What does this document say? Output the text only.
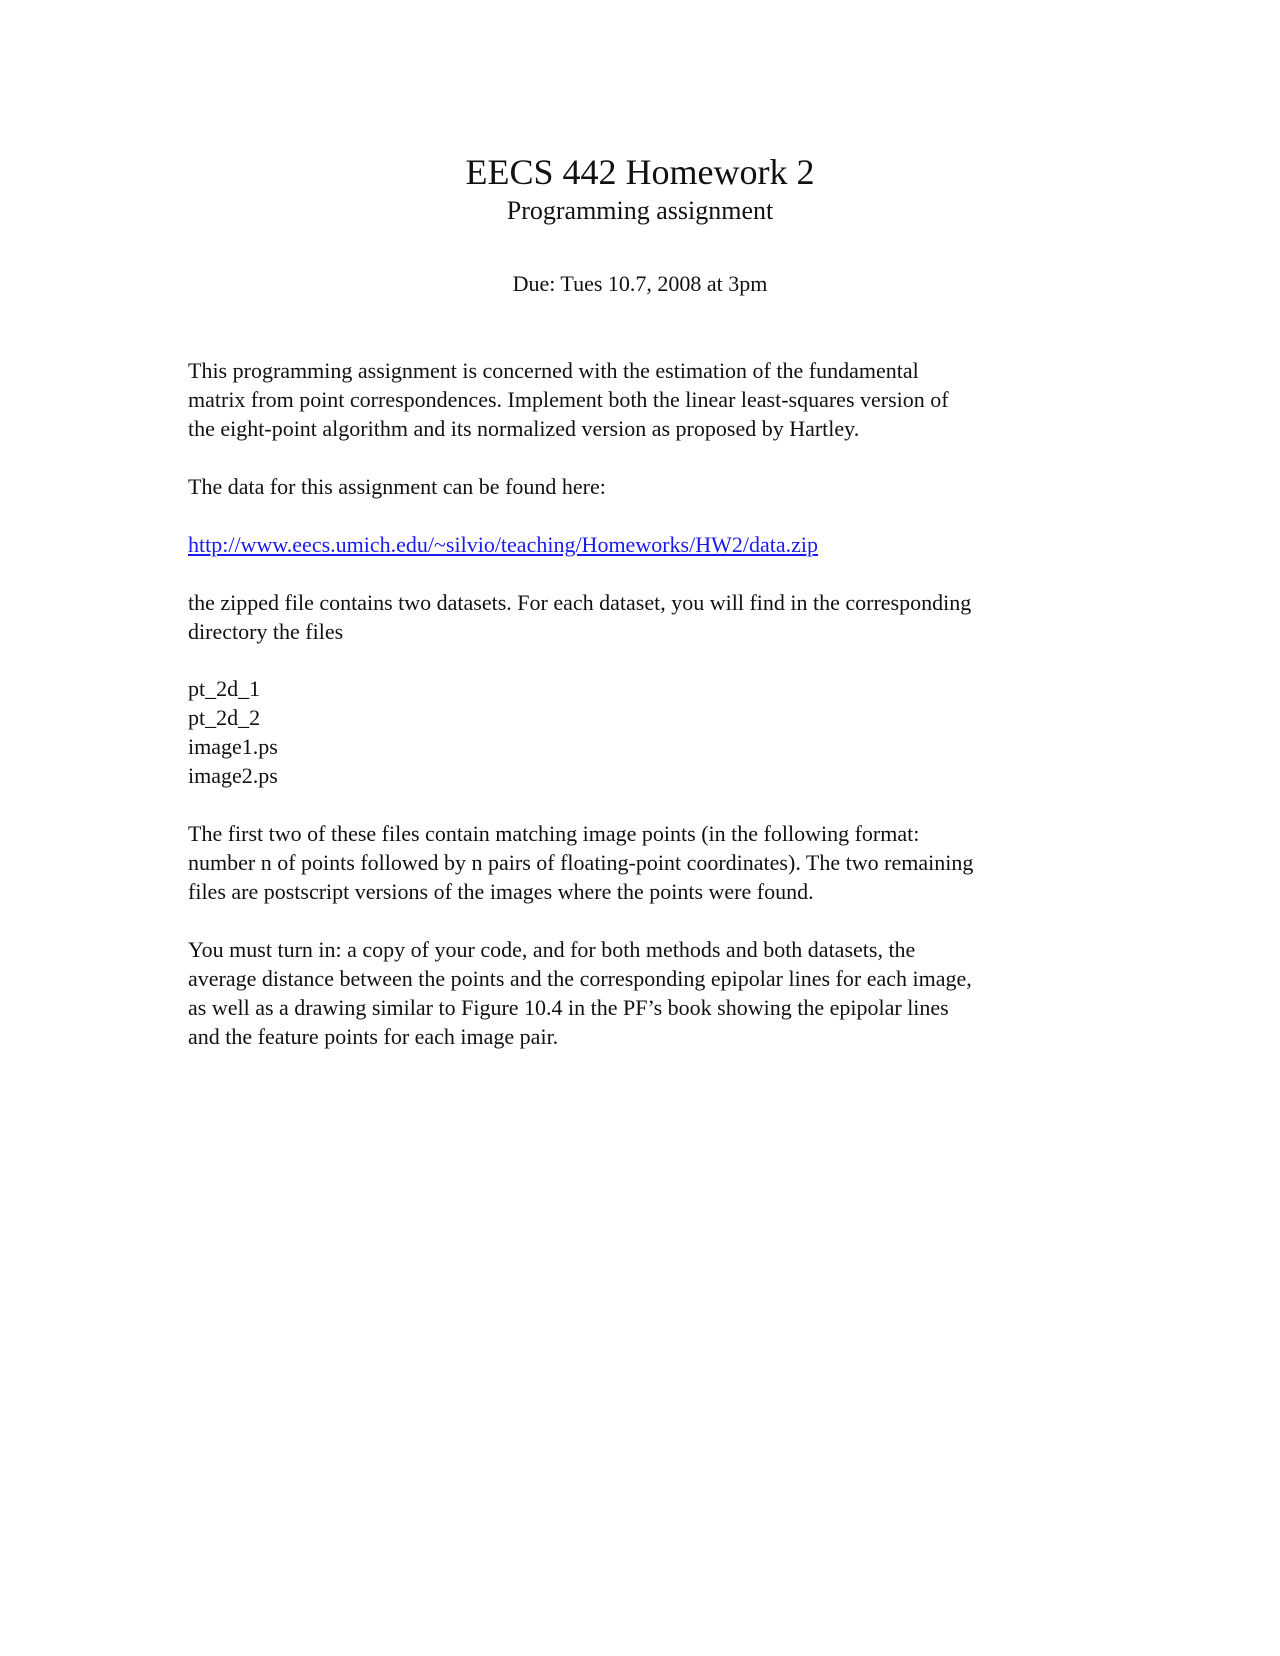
EECS 442 Homework 2
Programming assignment
Due: Tues 10.7, 2008 at 3pm
This programming assignment is concerned with the estimation of the fundamental
matrix from point correspondences. Implement both the linear least-squares version of
the eight-point algorithm and its normalized version as proposed by Hartley.
The data for this assignment can be found here:
http://www.eecs.umich.edu/~silvio/teaching/Homeworks/HW2/data.zip
the zipped file contains two datasets. For each dataset, you will find in the corresponding
directory the files
pt_2d_1
pt_2d_2
image1.ps
image2.ps
The first two of these files contain matching image points (in the following format:
number n of points followed by n pairs of floating-point coordinates). The two remaining
files are postscript versions of the images where the points were found.
You must turn in: a copy of your code, and for both methods and both datasets, the
average distance between the points and the corresponding epipolar lines for each image,
as well as a drawing similar to Figure 10.4 in the PF’s book showing the epipolar lines
and the feature points for each image pair.
